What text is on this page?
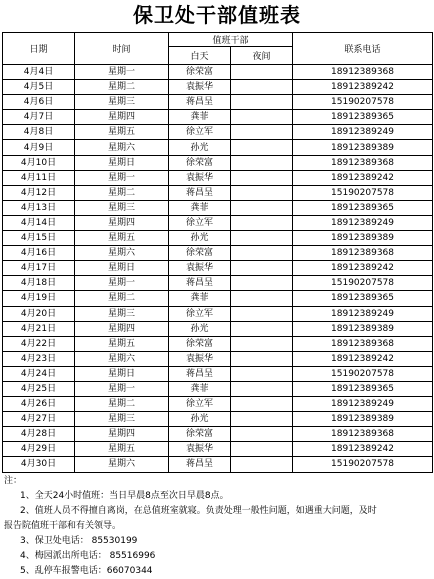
保卫处干部值班表
日期	时间	值班干部		联系电话
		白天	夜间	
4月4日	星期一	徐荣富		18912389368
4月5日	星期二	袁振华		18912389242
4月6日	星期三	蒋昌呈		15190207578
4月7日	星期四	龚菲		18912389365
4月8日	星期五	徐立军		18912389249
4月9日	星期六	孙光		18912389389
4月10日	星期日	徐荣富		18912389368
4月11日	星期一	袁振华		18912389242
4月12日	星期二	蒋昌呈		15190207578
4月13日	星期三	龚菲		18912389365
4月14日	星期四	徐立军		18912389249
4月15日	星期五	孙光		18912389389
4月16日	星期六	徐荣富		18912389368
4月17日	星期日	袁振华		18912389242
4月18日	星期一	蒋昌呈		15190207578
4月19日	星期二	龚菲		18912389365
4月20日	星期三	徐立军		18912389249
4月21日	星期四	孙光		18912389389
4月22日	星期五	徐荣富		18912389368
4月23日	星期六	袁振华		18912389242
4月24日	星期日	蒋昌呈		15190207578
4月25日	星期一	龚菲		18912389365
4月26日	星期二	徐立军		18912389249
4月27日	星期三	孙光		18912389389
4月28日	星期四	徐荣富		18912389368
4月29日	星期五	袁振华		18912389242
4月30日	星期六	蒋昌呈		15190207578
注：
1、全天24小时值班：当日早晨8点至次日早晨8点。
2、值班人员不得擅自离岗，在总值班室就寝。负责处理一般性问题，如遇重大问题，及时
报告院值班干部和有关领导。
3、保卫处电话： 85530199
4、梅园派出所电话： 85516996
5、乱停车报警电话：66070344
